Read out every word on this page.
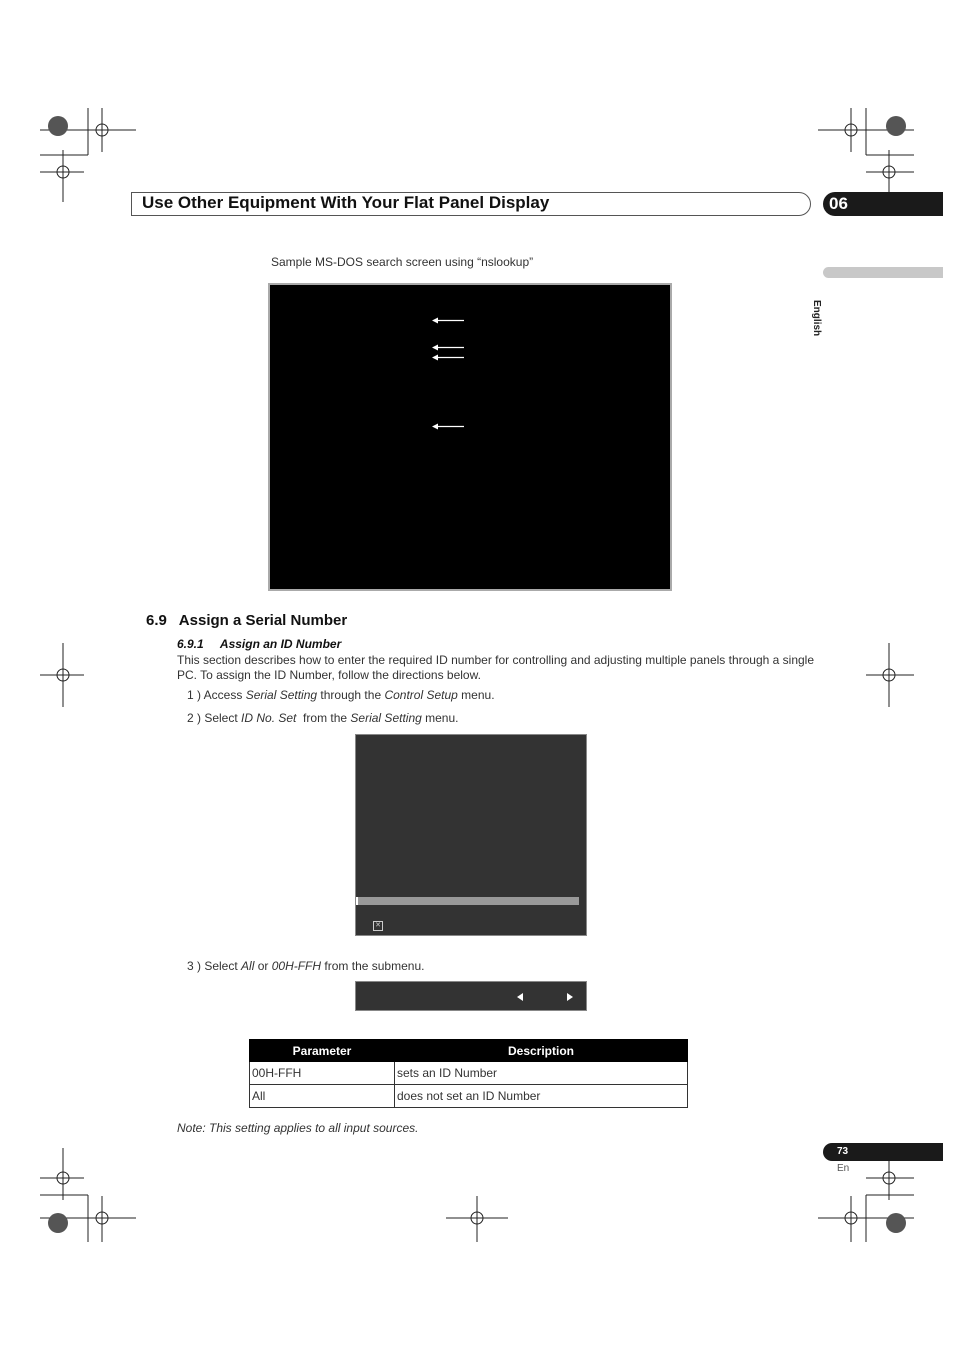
Use Other Equipment With Your Flat Panel Display	06
English
Sample MS-DOS search screen using “nslookup”
6.9   Assign a Serial Number
6.9.1     Assign an ID Number
This section describes how to enter the required ID number for controlling and adjusting multiple panels through a single PC. To assign the ID Number, follow the directions below.
1 ) Access Serial Setting through the Control Setup menu.
2 ) Select ID No. Set  from the Serial Setting menu.
✕
3 ) Select All or 00H-FFH from the submenu.
Parameter	Description
00H-FFH	sets an ID Number
All	does not set an ID Number
Note: This setting applies to all input sources.
73
En
